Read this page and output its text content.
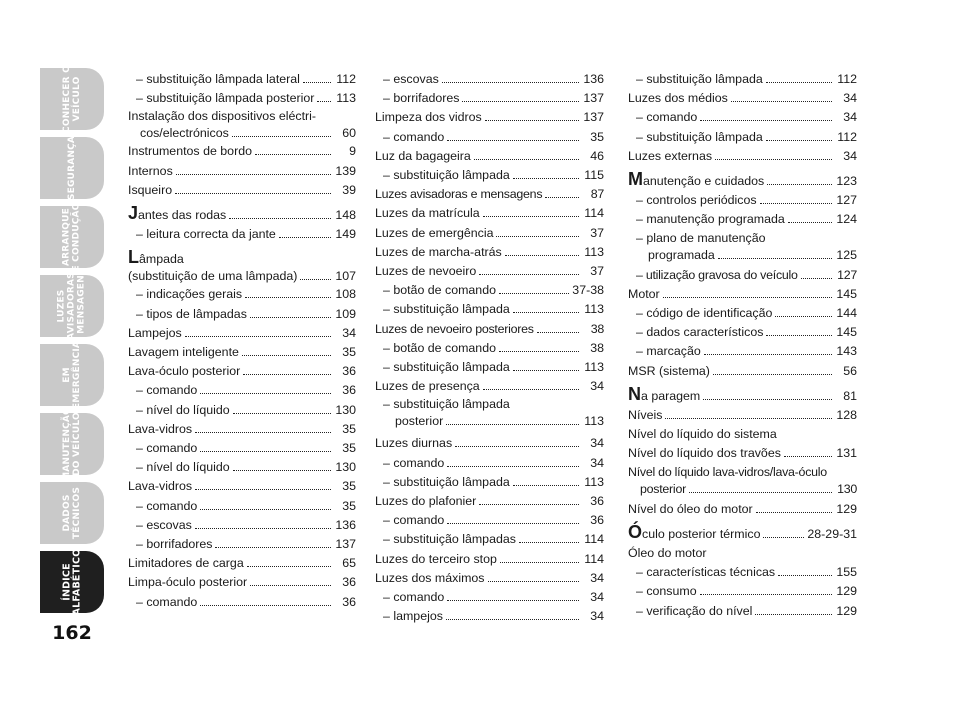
CONHECER O
VEÍCULO
SEGURANÇA
ARRANQUE
E CONDUÇÃO
LUZES
AVISADORAS
E MENSAGENS
EM
EMERGÊNCIA
MANUTENÇÃO
DO VEÍCULO
DADOS
TÉCNICOS
ÍNDICE
ALFABÉTICO
162
– substituição lâmpada lateral	112
– substituição lâmpada posterior 113
Instalação dos dispositivos eléctri-
cos/electrónicos	60
Instrumentos de bordo	9
Internos	139
Isqueiro	39
Jantes das rodas	148
– leitura correcta da jante	149
Lâmpada
(substituição de uma lâmpada)	107
– indicações gerais	108
– tipos de lâmpadas	109
Lampejos	34
Lavagem inteligente	35
Lava-óculo posterior	36
– comando	36
– nível do líquido	130
Lava-vidros	35
– comando	35
– nível do líquido	130
Lava-vidros	35
– comando	35
– escovas	136
– borrifadores	137
Limitadores de carga	65
Limpa-óculo posterior	36
– comando	36
– escovas	136
– borrifadores	137
Limpeza dos vidros	137
– comando	35
Luz da bagageira	46
– substituição lâmpada	115
Luzes avisadoras e mensagens	87
Luzes da matrícula	114
Luzes de emergência	37
Luzes de marcha-atrás	113
Luzes de nevoeiro	37
– botão de comando	37-38
– substituição lâmpada	113
Luzes de nevoeiro posteriores	38
– botão de comando	38
– substituição lâmpada	113
Luzes de presença	34
– substituição lâmpada
posterior	113
Luzes diurnas	34
– comando	34
– substituição lâmpada	113
Luzes do plafonier	36
– comando	36
– substituição lâmpadas	114
Luzes do terceiro stop	114
Luzes dos máximos	34
– comando	34
– lampejos	34
– substituição lâmpada	112
Luzes dos médios	34
– comando	34
– substituição lâmpada	112
Luzes externas	34
Manutenção e cuidados	123
– controlos periódicos	127
– manutenção programada	124
– plano de manutenção
programada	125
– utilização gravosa do veículo	127
Motor	145
– código de identificação	144
– dados característicos	145
– marcação	143
MSR (sistema)	56
Na paragem	81
Níveis	128
Nível do líquido do sistema
Nível do líquido dos travões	131
Nível do líquido lava-vidros/lava-óculo
posterior	130
Nível do óleo do motor	129
Óculo posterior térmico	28-29-31
Óleo do motor
– características técnicas	155
– consumo	129
– verificação do nível	129
